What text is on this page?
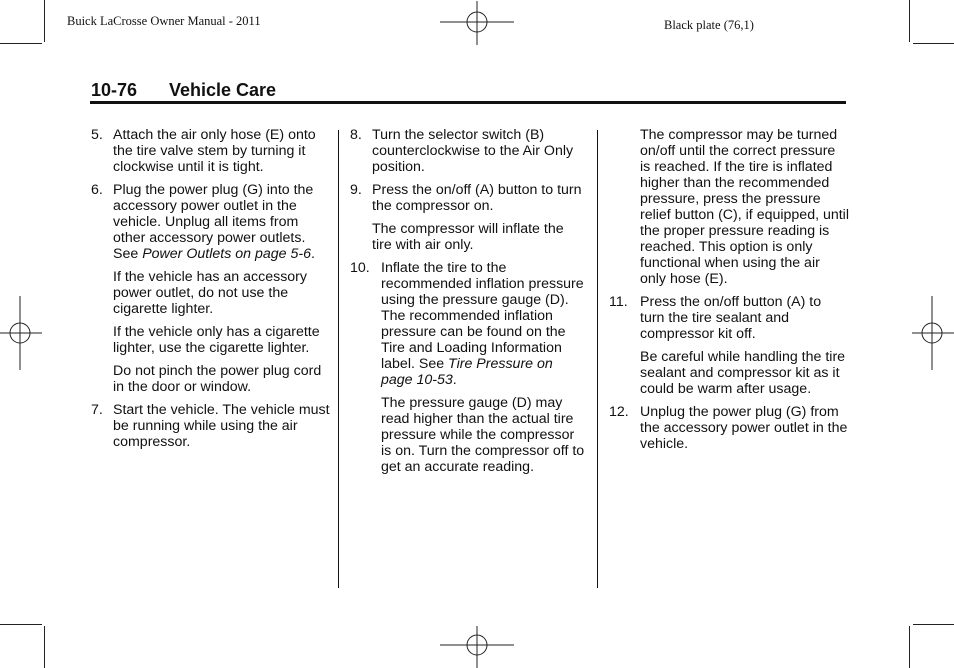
Buick LaCrosse Owner Manual - 2011	Black plate (76,1)
10-76 Vehicle Care
5. Attach the air only hose (E) onto the tire valve stem by turning it clockwise until it is tight.
6. Plug the power plug (G) into the accessory power outlet in the vehicle. Unplug all items from other accessory power outlets. See Power Outlets on page 5-6.

If the vehicle has an accessory power outlet, do not use the cigarette lighter.

If the vehicle only has a cigarette lighter, use the cigarette lighter.

Do not pinch the power plug cord in the door or window.

7. Start the vehicle. The vehicle must be running while using the air compressor.
8. Turn the selector switch (B) counterclockwise to the Air Only position.
9. Press the on/off (A) button to turn the compressor on.

The compressor will inflate the tire with air only.

10. Inflate the tire to the recommended inflation pressure using the pressure gauge (D). The recommended inflation pressure can be found on the Tire and Loading Information label. See Tire Pressure on page 10-53.

The pressure gauge (D) may read higher than the actual tire pressure while the compressor is on. Turn the compressor off to get an accurate reading.

The compressor may be turned on/off until the correct pressure is reached. If the tire is inflated higher than the recommended pressure, press the pressure relief button (C), if equipped, until the proper pressure reading is reached. This option is only functional when using the air only hose (E).

11. Press the on/off button (A) to turn the tire sealant and compressor kit off.

Be careful while handling the tire sealant and compressor kit as it could be warm after usage.

12. Unplug the power plug (G) from the accessory power outlet in the vehicle.
